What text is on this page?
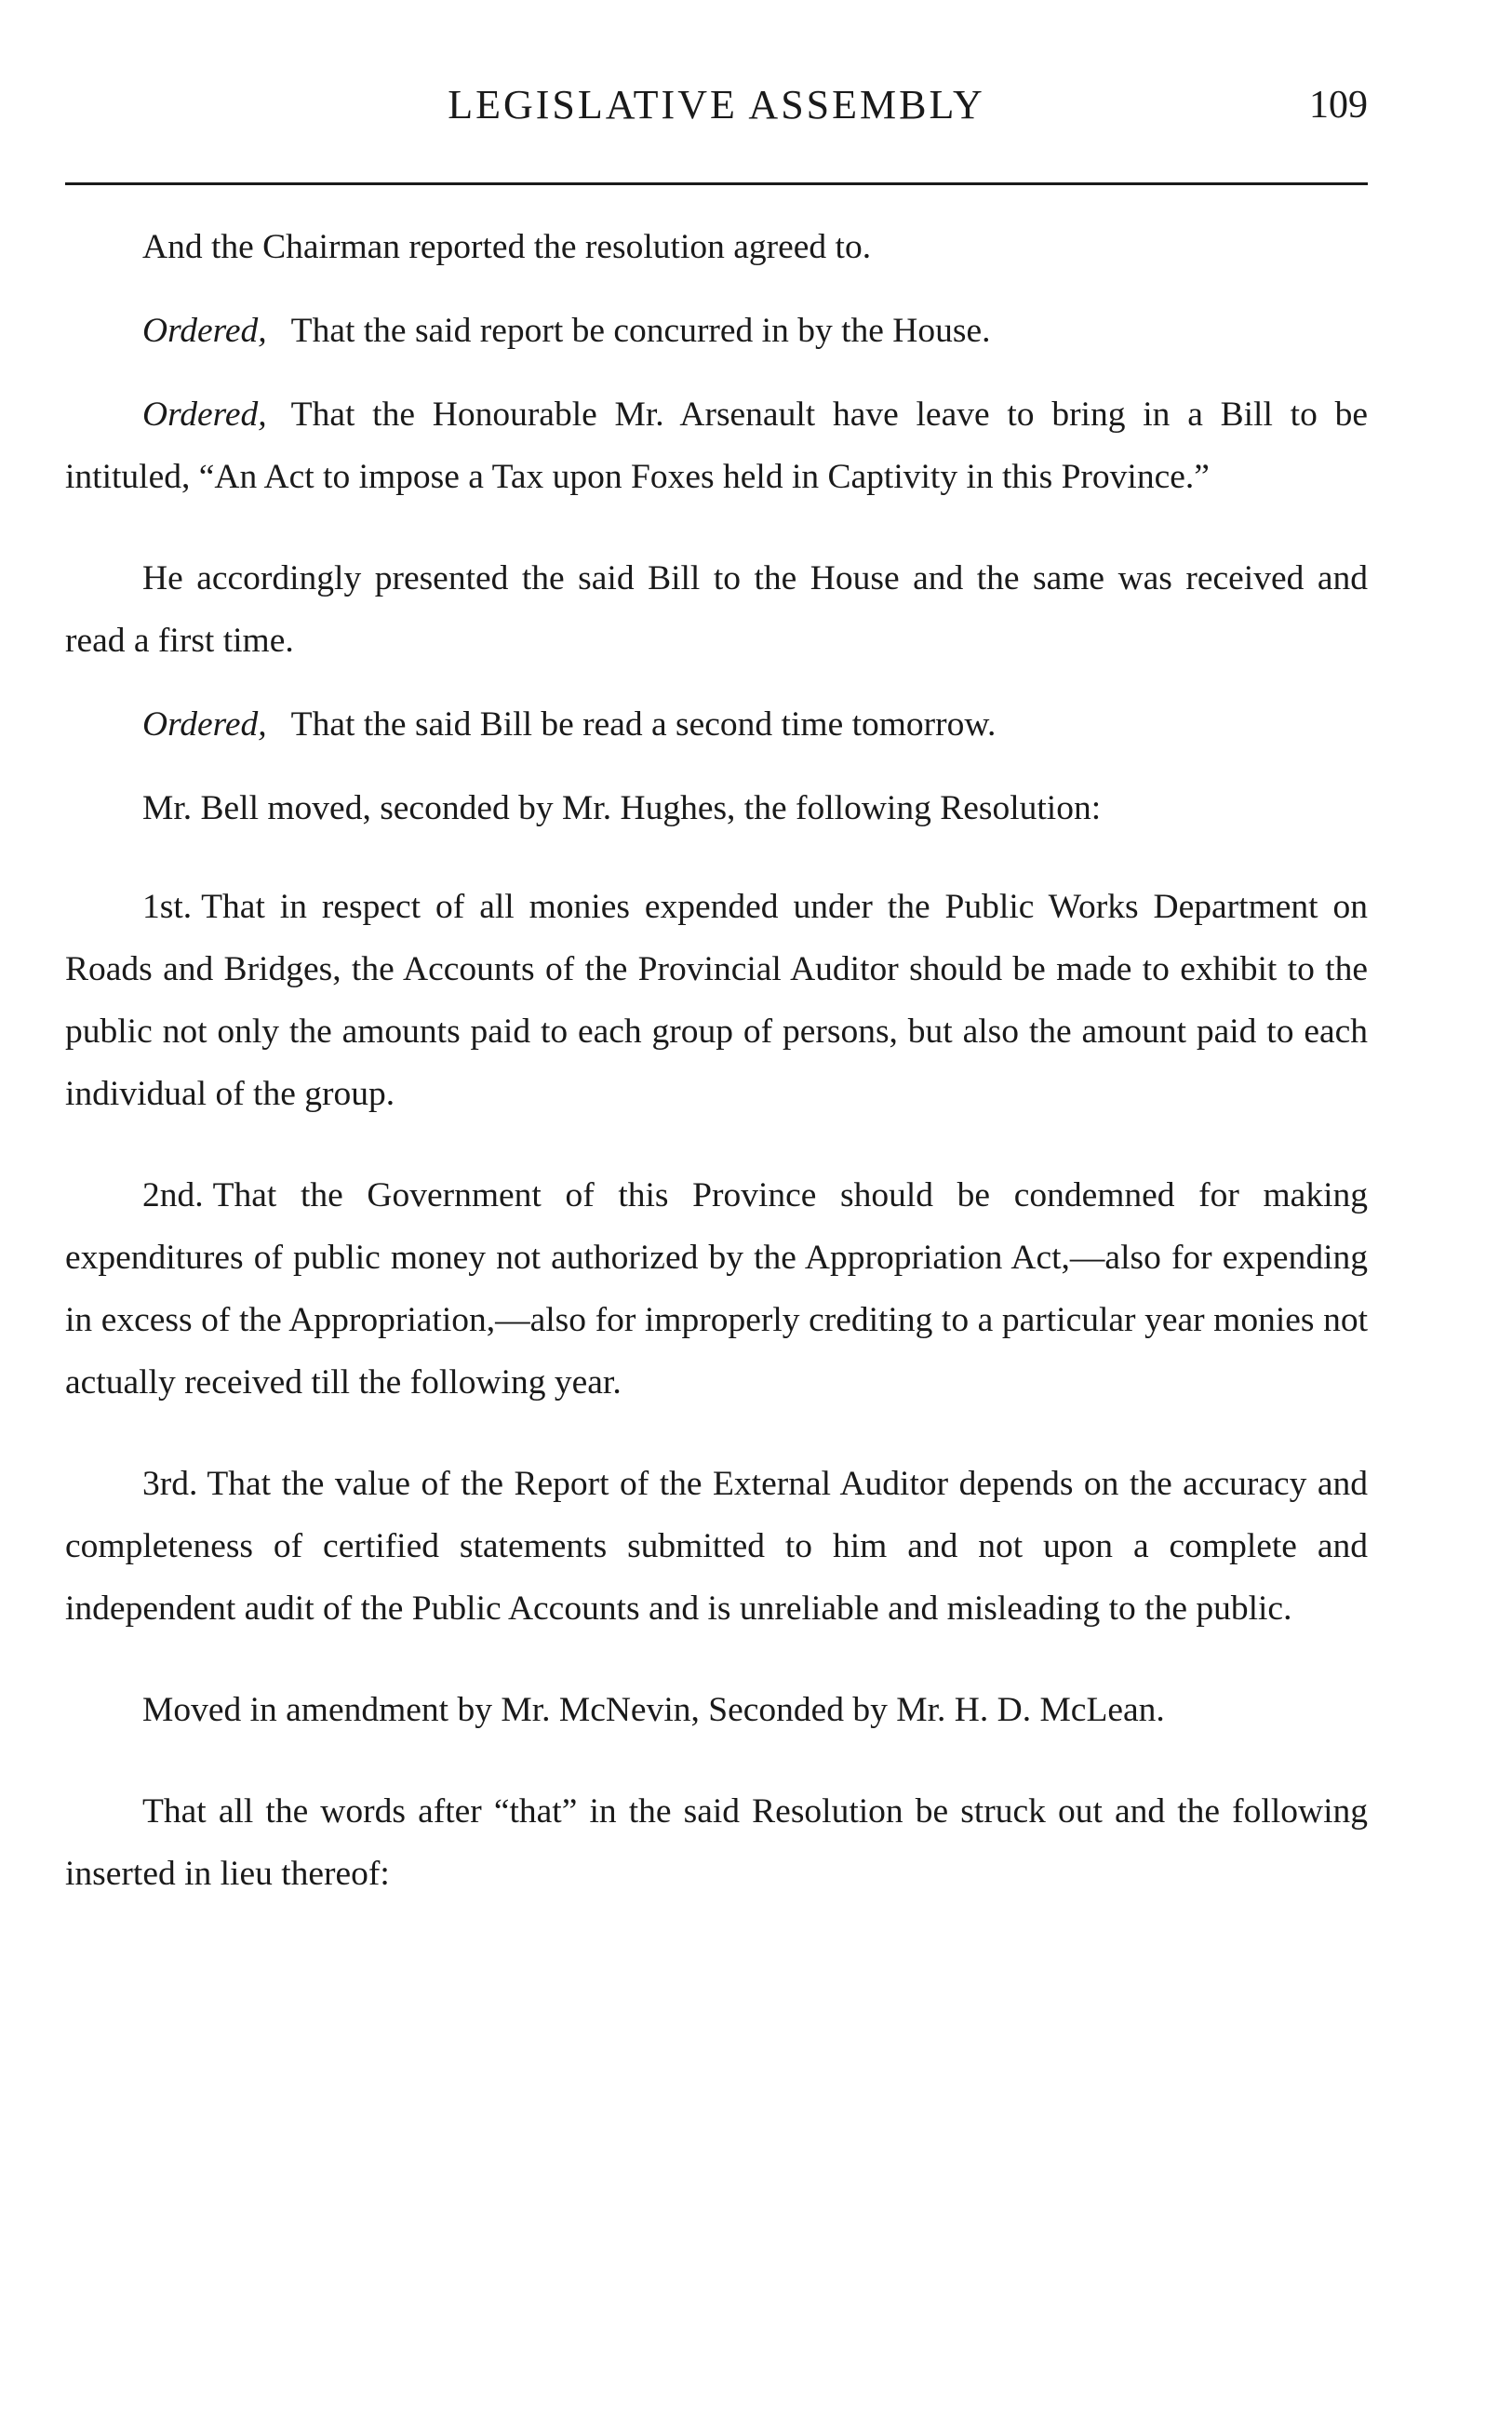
LEGISLATIVE ASSEMBLY	109

And the Chairman reported the resolution agreed to.

Ordered, That the said report be concurred in by the House.

Ordered, That the Honourable Mr. Arsenault have leave to bring in a Bill to be intituled, “An Act to impose a Tax upon Foxes held in Captivity in this Province.”

He accordingly presented the said Bill to the House and the same was received and read a first time.

Ordered, That the said Bill be read a second time tomorrow.

Mr. Bell moved, seconded by Mr. Hughes, the following Resolution:

1st. That in respect of all monies expended under the Public Works Department on Roads and Bridges, the Accounts of the Provincial Auditor should be made to exhibit to the public not only the amounts paid to each group of persons, but also the amount paid to each individual of the group.

2nd. That the Government of this Province should be condemned for making expenditures of public money not authorized by the Appropriation Act,—also for expending in excess of the Appropriation,—also for improperly crediting to a particular year monies not actually received till the following year.

3rd. That the value of the Report of the External Auditor depends on the accuracy and completeness of certified statements submitted to him and not upon a complete and independent audit of the Public Accounts and is unreliable and misleading to the public.

Moved in amendment by Mr. McNevin, Seconded by Mr. H. D. McLean.

That all the words after “that” in the said Resolution be struck out and the following inserted in lieu thereof:
